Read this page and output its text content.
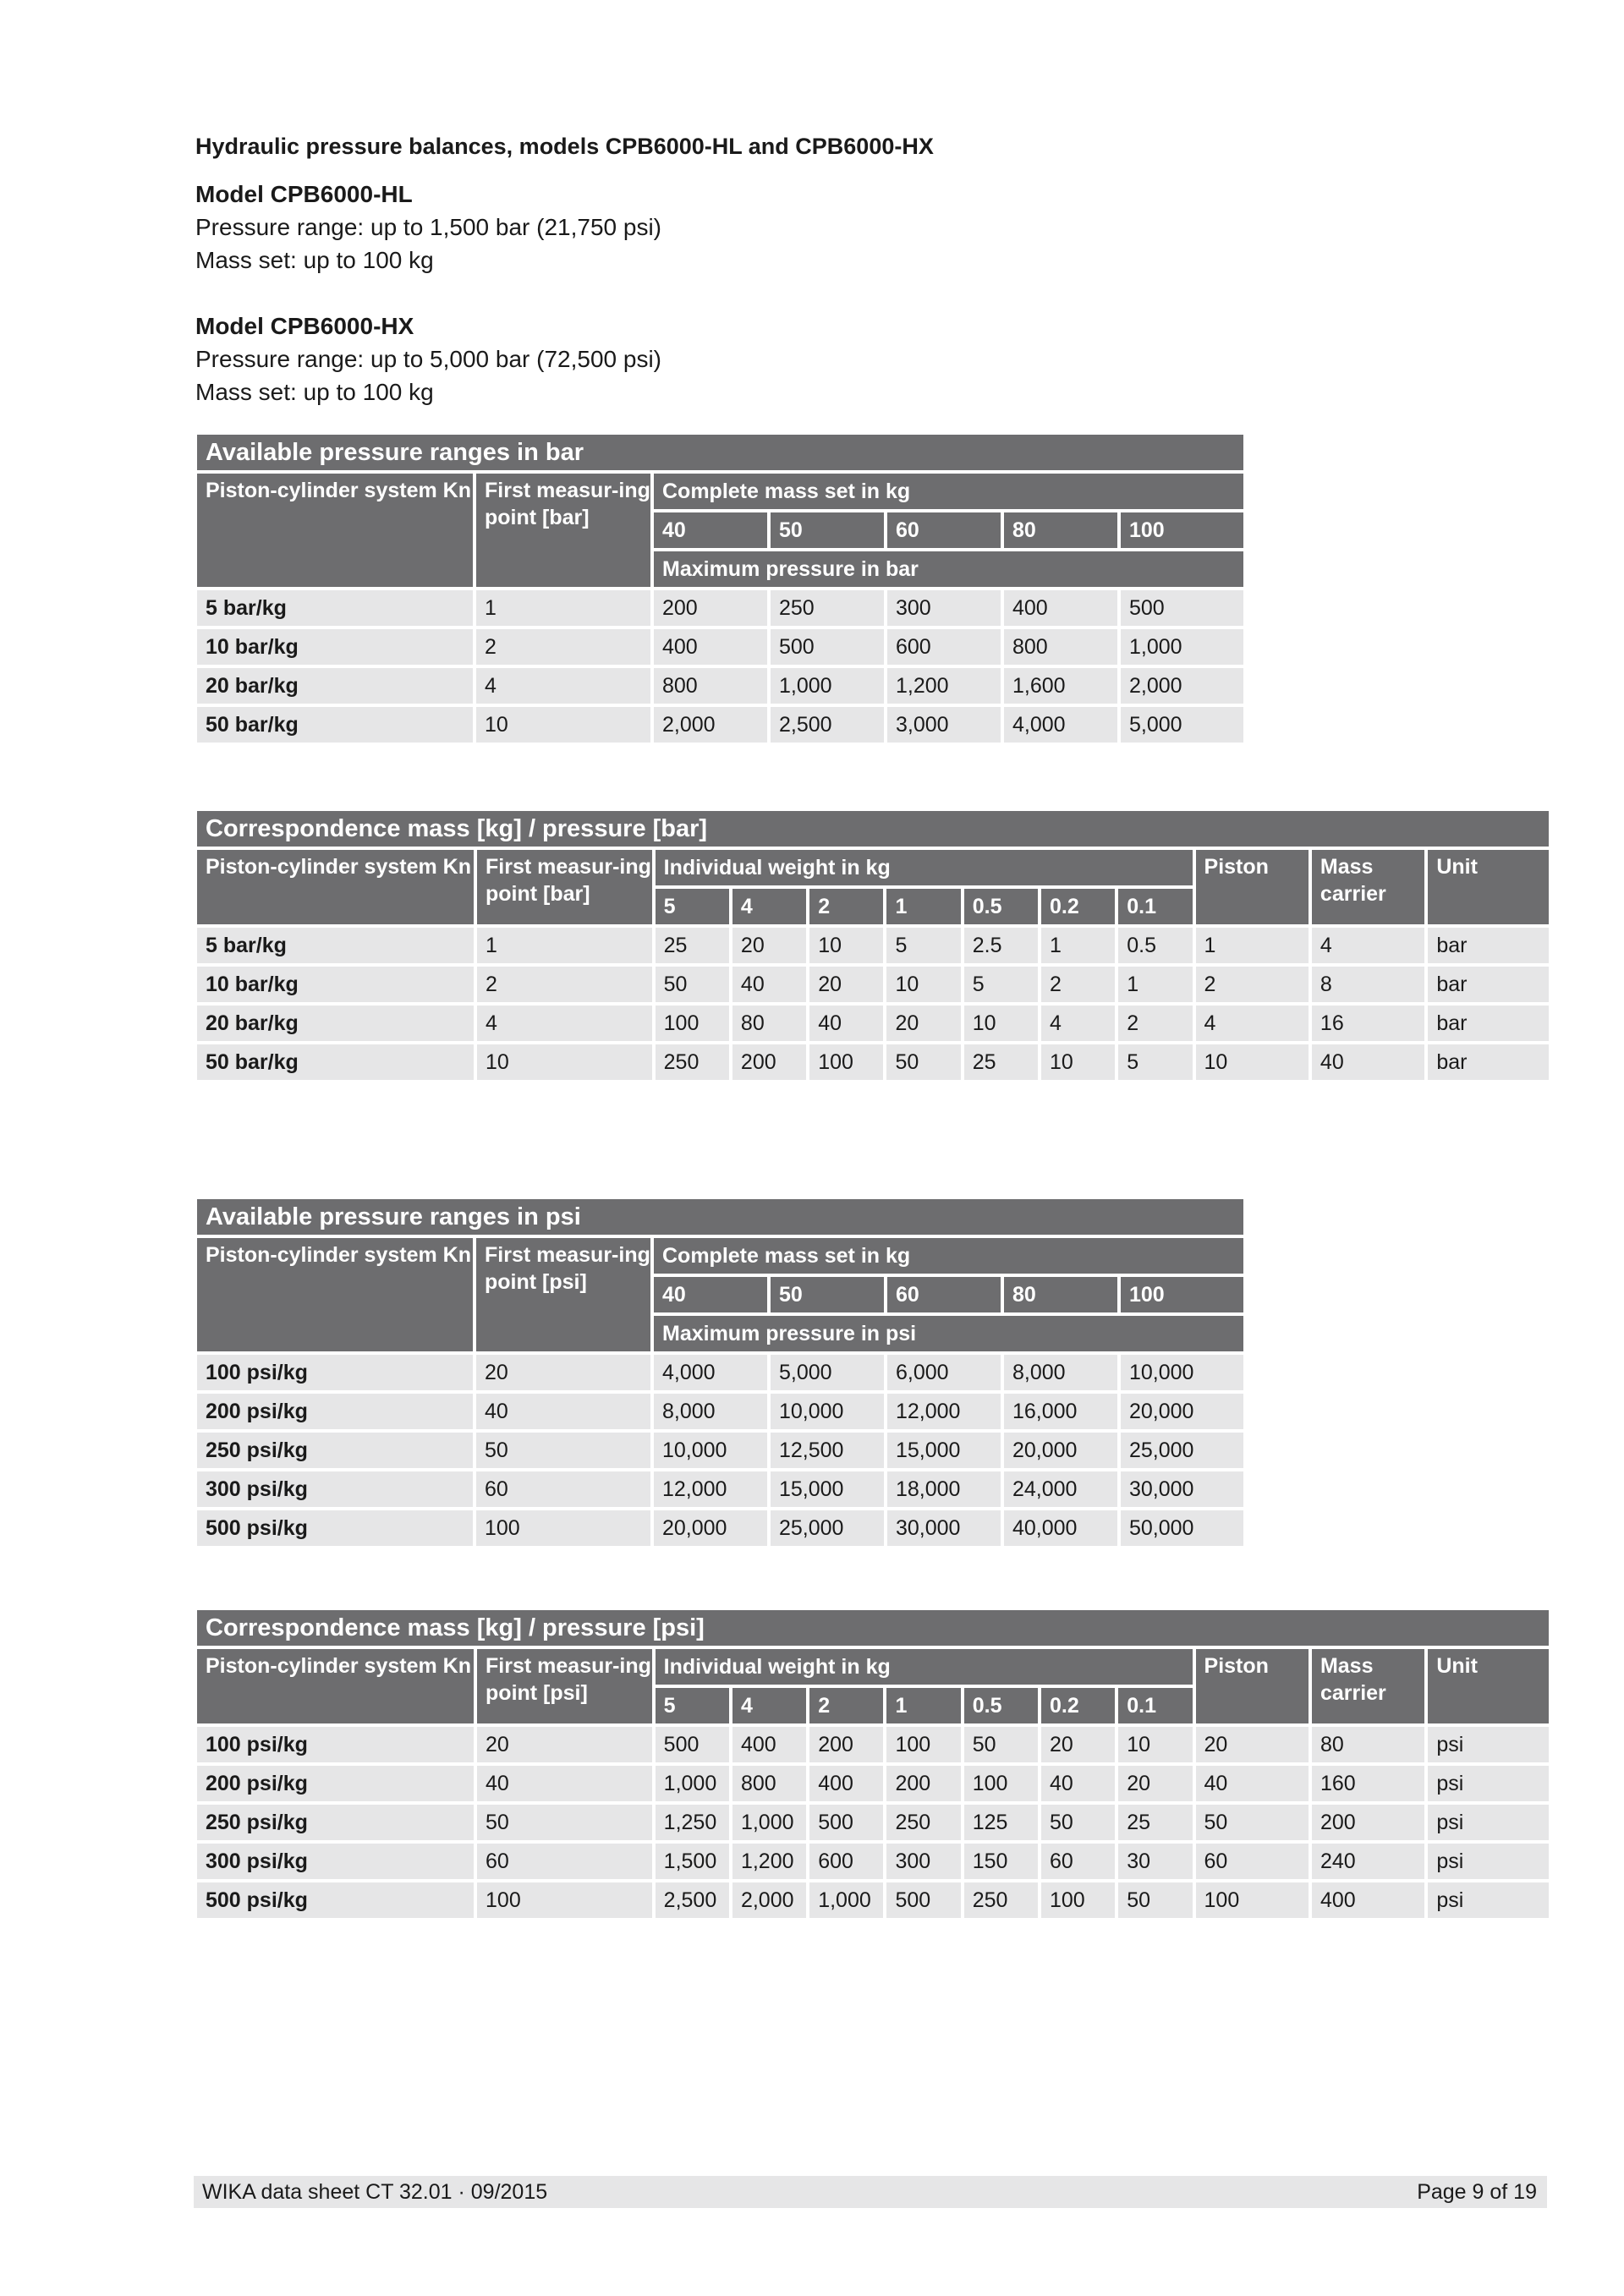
Hydraulic pressure balances, models CPB6000-HL and CPB6000-HX
Model CPB6000-HL
Pressure range: up to 1,500 bar (21,750 psi)
Mass set: up to 100 kg
Model CPB6000-HX
Pressure range: up to 5,000 bar (72,500 psi)
Mass set: up to 100 kg
Available pressure ranges in bar						
Piston-cylinder system Kn	First measur-ing point [bar]	Complete mass set in kg				
		40	50	60	80	100
		Maximum pressure in bar				
5 bar/kg	1	200	250	300	400	500
10 bar/kg	2	400	500	600	800	1,000
20 bar/kg	4	800	1,000	1,200	1,600	2,000
50 bar/kg	10	2,000	2,500	3,000	4,000	5,000
Correspondence mass [kg] / pressure [bar]											
Piston-cylinder system Kn	First measur-ing point [bar]	Individual weight in kg							Piston	Mass carrier	Unit
		5	4	2	1	0.5	0.2	0.1			
5 bar/kg	1	25	20	10	5	2.5	1	0.5	1	4	bar
10 bar/kg	2	50	40	20	10	5	2	1	2	8	bar
20 bar/kg	4	100	80	40	20	10	4	2	4	16	bar
50 bar/kg	10	250	200	100	50	25	10	5	10	40	bar
Available pressure ranges in psi						
Piston-cylinder system Kn	First measur-ing point [psi]	Complete mass set in kg				
		40	50	60	80	100
		Maximum pressure in psi				
100 psi/kg	20	4,000	5,000	6,000	8,000	10,000
200 psi/kg	40	8,000	10,000	12,000	16,000	20,000
250 psi/kg	50	10,000	12,500	15,000	20,000	25,000
300 psi/kg	60	12,000	15,000	18,000	24,000	30,000
500 psi/kg	100	20,000	25,000	30,000	40,000	50,000
Correspondence mass [kg] / pressure [psi]											
Piston-cylinder system Kn	First measur-ing point [psi]	Individual weight in kg							Piston	Mass carrier	Unit
		5	4	2	1	0.5	0.2	0.1			
100 psi/kg	20	500	400	200	100	50	20	10	20	80	psi
200 psi/kg	40	1,000	800	400	200	100	40	20	40	160	psi
250 psi/kg	50	1,250	1,000	500	250	125	50	25	50	200	psi
300 psi/kg	60	1,500	1,200	600	300	150	60	30	60	240	psi
500 psi/kg	100	2,500	2,000	1,000	500	250	100	50	100	400	psi
WIKA data sheet CT 32.01 · 09/2015	Page 9 of 19
